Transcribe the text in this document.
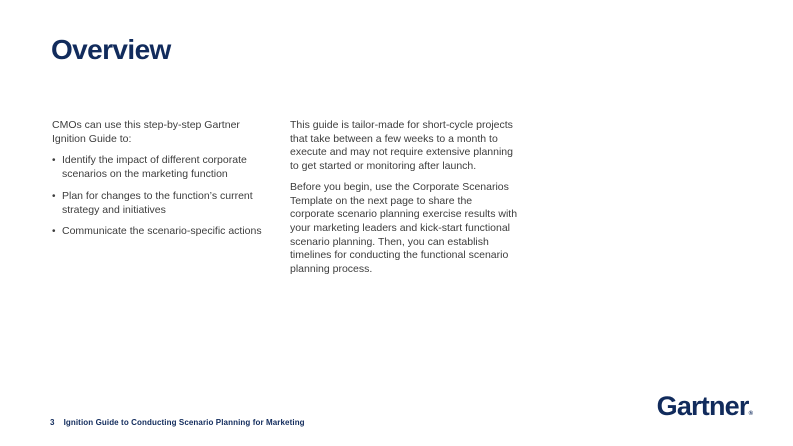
Overview

CMOs can use this step-by-step Gartner Ignition Guide to:

• Identify the impact of different corporate scenarios on the marketing function
• Plan for changes to the function’s current strategy and initiatives
• Communicate the scenario-specific actions

This guide is tailor-made for short-cycle projects that take between a few weeks to a month to execute and may not require extensive planning to get started or monitoring after launch.

Before you begin, use the Corporate Scenarios Template on the next page to share the corporate scenario planning exercise results with your marketing leaders and kick-start functional scenario planning. Then, you can establish timelines for conducting the functional scenario planning process.

3 Ignition Guide to Conducting Scenario Planning for Marketing
Gartner®
